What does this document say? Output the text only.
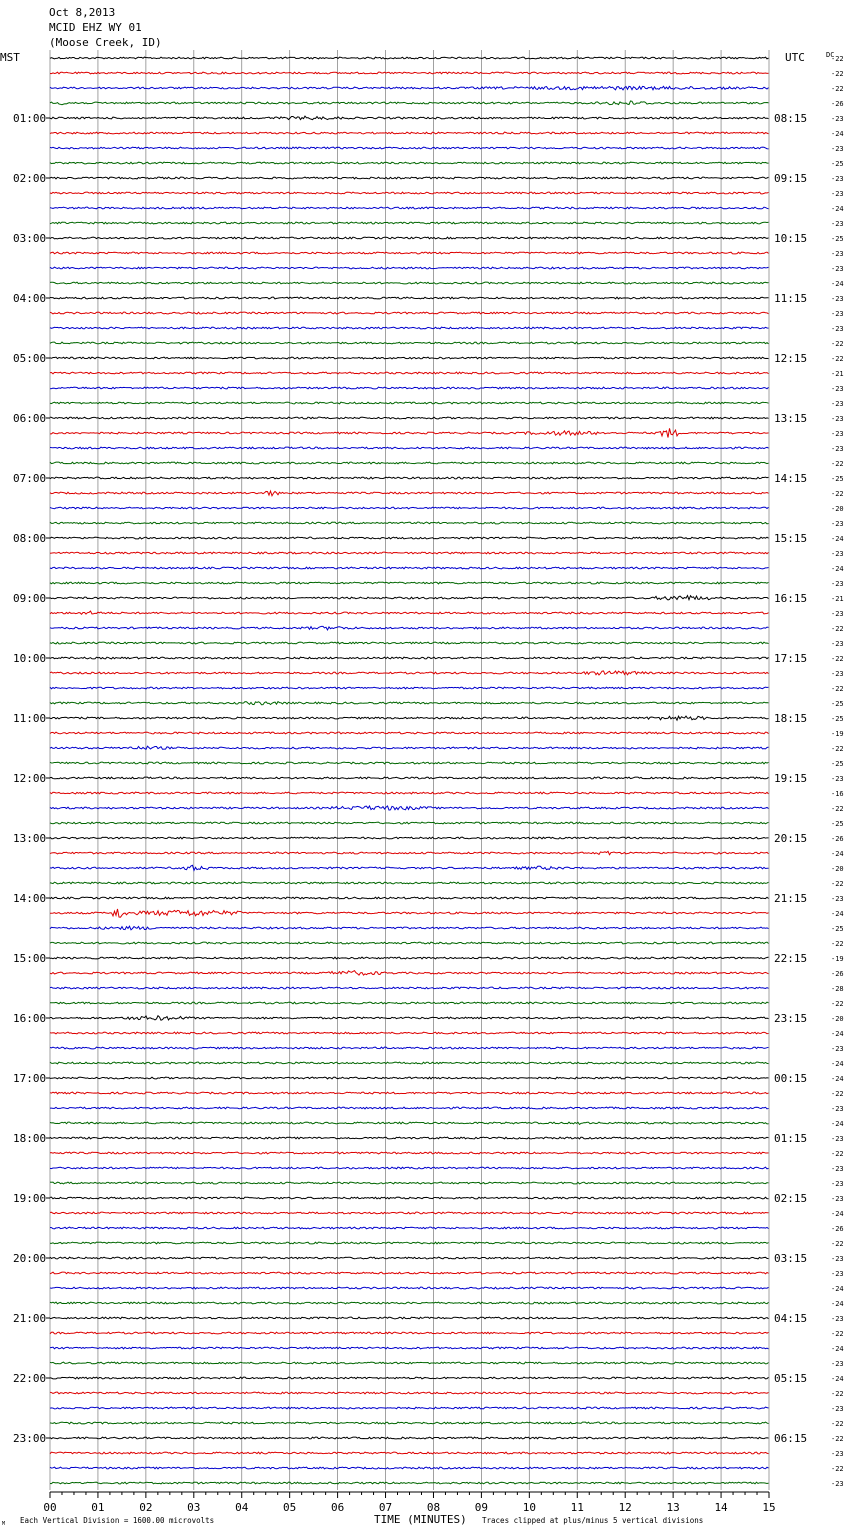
Oct 8,2013
MCID EHZ WY 01
(Moose Creek, ID)
MST	UTC	DC
01:00
02:00
03:00
04:00
05:00
06:00
07:00
08:00
09:00
10:00
11:00
12:00
13:00
14:00
15:00
16:00
17:00
18:00
19:00
20:00
21:00
22:00
23:00
08:15
09:15
10:15
11:15
12:15
13:15
14:15
15:15
16:15
17:15
18:15
19:15
20:15
21:15
22:15
23:15
00:15
01:15
02:15
03:15
04:15
05:15
06:15
-22
-22
-22
-26
-23
-24
-23
-25
-23
-23
-24
-23
-25
-23
-23
-24
-23
-23
-23
-22
-22
-21
-23
-23
-23
-23
-23
-22
-25
-22
-20
-23
-24
-23
-24
-23
-21
-23
-22
-23
-22
-23
-22
-25
-25
-19
-22
-25
-23
-16
-22
-25
-26
-24
-20
-22
-23
-24
-25
-22
-19
-26
-28
-22
-20
-24
-23
-24
-24
-22
-23
-24
-23
-22
-23
-23
-23
-24
-26
-22
-23
-23
-24
-24
-23
-22
-24
-23
-24
-22
-23
-22
-22
-23
-22
-23
00	01	02	03	04	05	06	07	08	09	10	11	12	13	14	15
TIME (MINUTES)
Each Vertical Division = 1600.00 microvolts	Traces clipped at plus/minus 5 vertical divisions
M
